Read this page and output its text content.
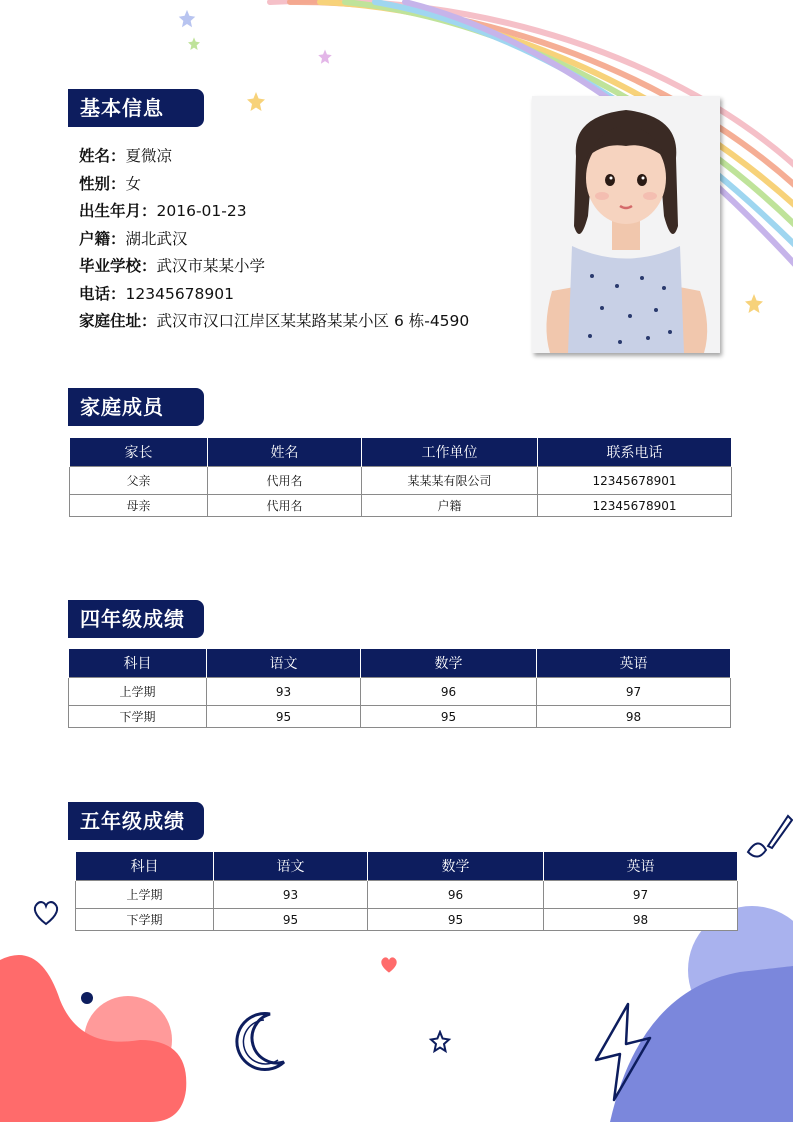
基本信息
姓名：夏微凉
性别：女
出生年月：2016-01-23
户籍：湖北武汉
毕业学校：武汉市某某小学
电话：12345678901
家庭住址：武汉市汉口江岸区某某路某某小区 6 栋-4590
家庭成员
家长	姓名	工作单位	联系电话
父亲	代用名	某某某有限公司	12345678901
母亲	代用名	户籍	12345678901
四年级成绩
科目	语文	数学	英语
上学期	93	96	97
下学期	95	95	98
五年级成绩
科目	语文	数学	英语
上学期	93	96	97
下学期	95	95	98
